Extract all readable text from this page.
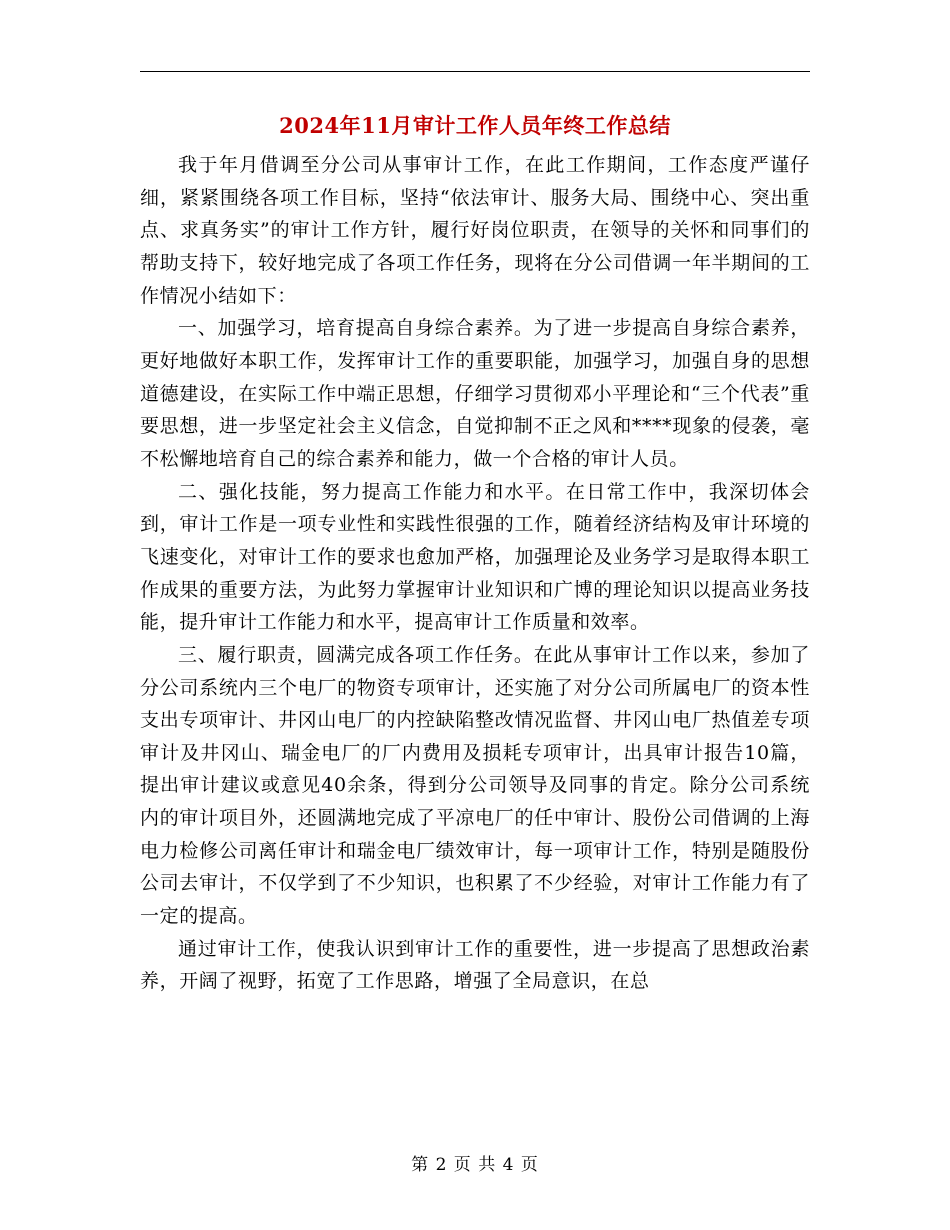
2024年11月审计工作人员年终工作总结

我于年月借调至分公司从事审计工作，在此工作期间，工作态度严谨仔细，紧紧围绕各项工作目标，坚持“依法审计、服务大局、围绕中心、突出重点、求真务实”的审计工作方针，履行好岗位职责，在领导的关怀和同事们的帮助支持下，较好地完成了各项工作任务，现将在分公司借调一年半期间的工作情况小结如下：

一、加强学习，培育提高自身综合素养。为了进一步提高自身综合素养，更好地做好本职工作，发挥审计工作的重要职能，加强学习，加强自身的思想道德建设，在实际工作中端正思想，仔细学习贯彻邓小平理论和“三个代表”重要思想，进一步坚定社会主义信念，自觉抑制不正之风和****现象的侵袭，毫不松懈地培育自己的综合素养和能力，做一个合格的审计人员。

二、强化技能，努力提高工作能力和水平。在日常工作中，我深切体会到，审计工作是一项专业性和实践性很强的工作，随着经济结构及审计环境的飞速变化，对审计工作的要求也愈加严格，加强理论及业务学习是取得本职工作成果的重要方法，为此努力掌握审计业知识和广博的理论知识以提高业务技能，提升审计工作能力和水平，提高审计工作质量和效率。

三、履行职责，圆满完成各项工作任务。在此从事审计工作以来，参加了分公司系统内三个电厂的物资专项审计，还实施了对分公司所属电厂的资本性支出专项审计、井冈山电厂的内控缺陷整改情况监督、井冈山电厂热值差专项审计及井冈山、瑞金电厂的厂内费用及损耗专项审计，出具审计报告10篇，提出审计建议或意见40余条，得到分公司领导及同事的肯定。除分公司系统内的审计项目外，还圆满地完成了平凉电厂的任中审计、股份公司借调的上海电力检修公司离任审计和瑞金电厂绩效审计，每一项审计工作，特别是随股份公司去审计，不仅学到了不少知识，也积累了不少经验，对审计工作能力有了一定的提高。

通过审计工作，使我认识到审计工作的重要性，进一步提高了思想政治素养，开阔了视野，拓宽了工作思路，增强了全局意识，在总

第 2 页 共 4 页
